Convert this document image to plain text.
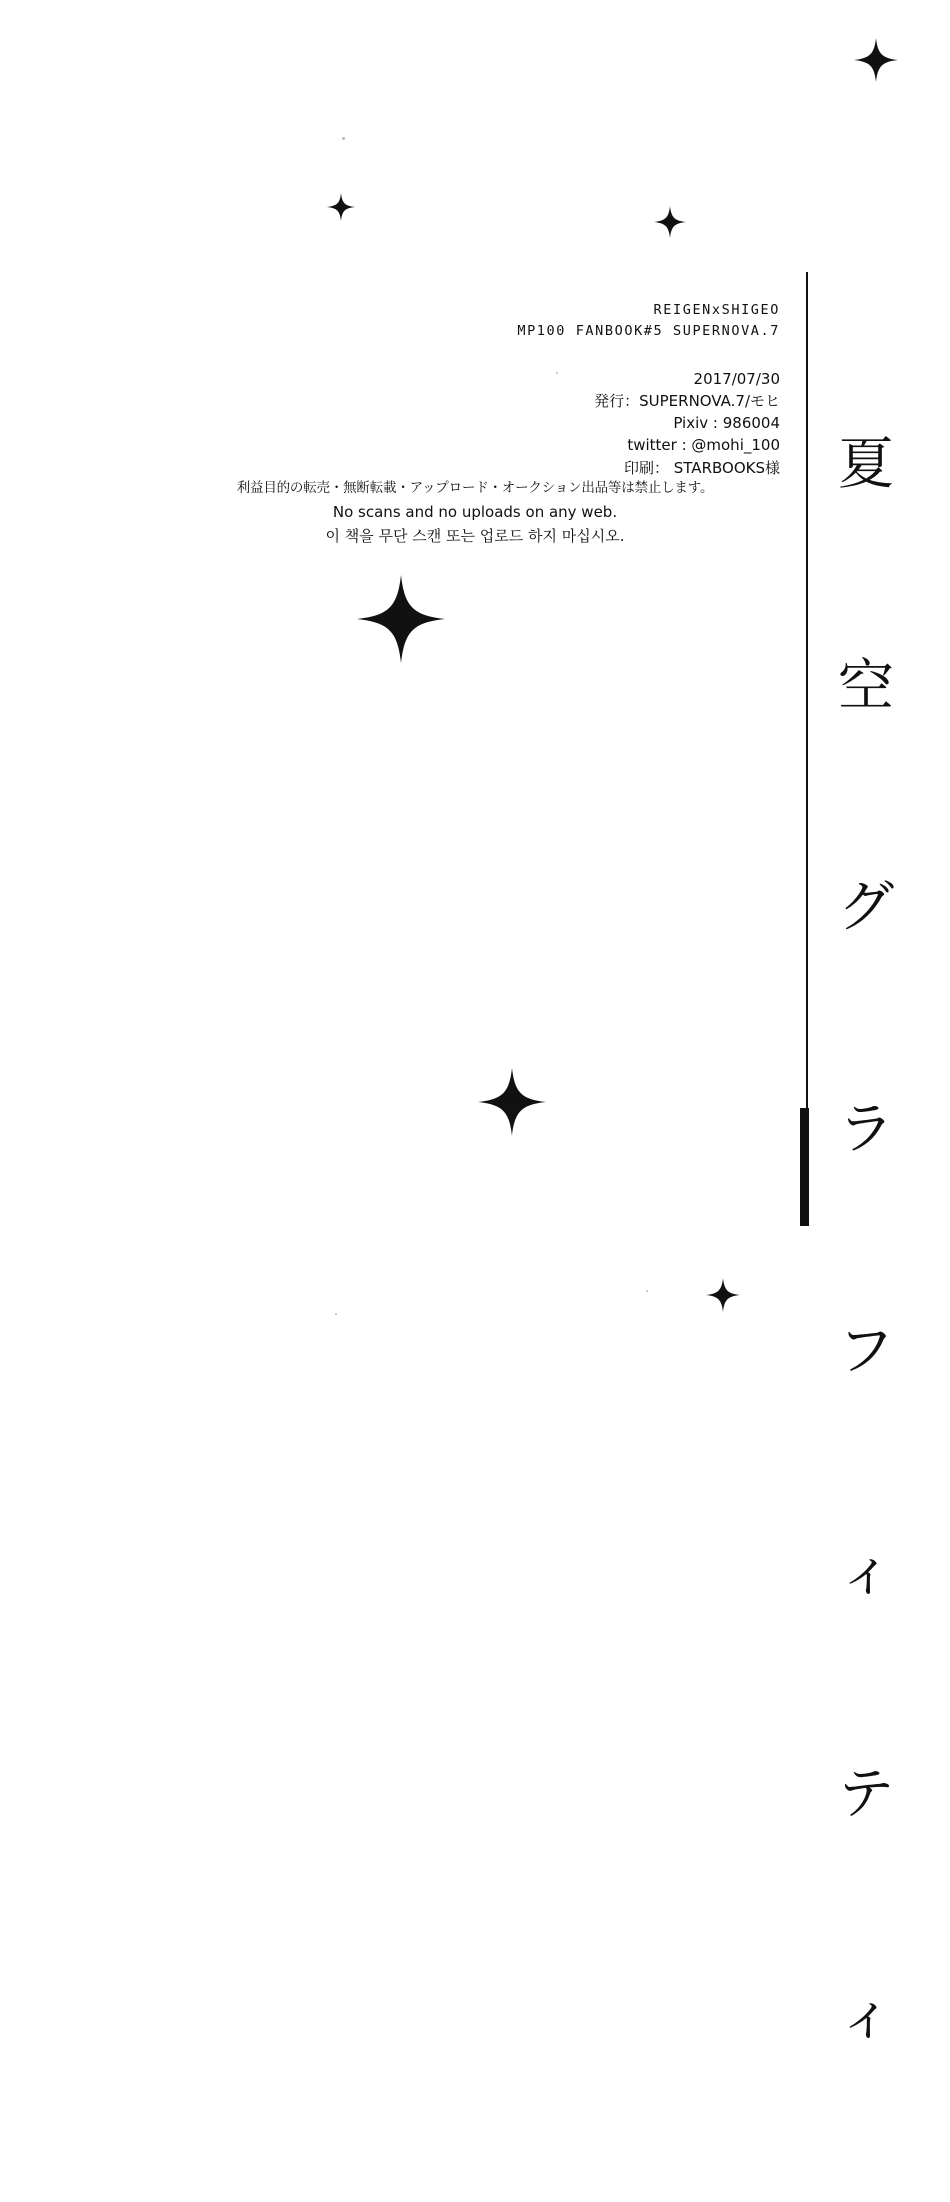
夏

空

グ

ラ

フ

ィ

テ

ィ

REIGENxSHIGEO
MP100 FANBOOK#5 SUPERNOVA.7
2017/07/30
発行：SUPERNOVA.7/モヒ
Pixiv : 986004
twitter : @mohi_100
印刷： STARBOOKS様
利益目的の転売・無断転載・アップロード・オークション出品等は禁止します。
No scans and no uploads on any web.
이 책을 무단 스캔 또는 업로드 하지 마십시오.
